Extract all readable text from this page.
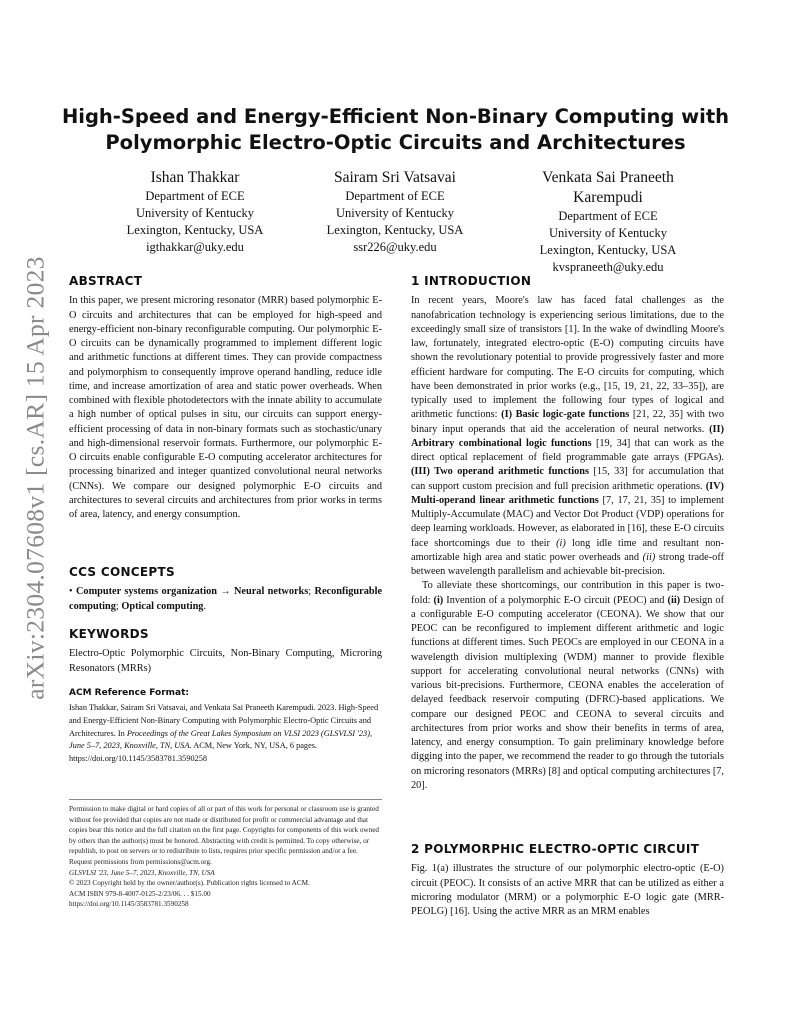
arXiv:2304.07608v1 [cs.AR] 15 Apr 2023
High-Speed and Energy-Efficient Non-Binary Computing with Polymorphic Electro-Optic Circuits and Architectures
Ishan Thakkar
Department of ECE
University of Kentucky
Lexington, Kentucky, USA
igthakkar@uky.edu
Sairam Sri Vatsavai
Department of ECE
University of Kentucky
Lexington, Kentucky, USA
ssr226@uky.edu
Venkata Sai Praneeth Karempudi
Department of ECE
University of Kentucky
Lexington, Kentucky, USA
kvspraneeth@uky.edu
ABSTRACT

In this paper, we present microring resonator (MRR) based polymorphic E-O circuits and architectures that can be employed for high-speed and energy-efficient non-binary reconfigurable computing. Our polymorphic E-O circuits can be dynamically programmed to implement different logic and arithmetic functions at different times. They can provide compactness and polymorphism to consequently improve operand handling, reduce idle time, and increase amortization of area and static power overheads. When combined with flexible photodetectors with the innate ability to accumulate a high number of optical pulses in situ, our circuits can support energy-efficient processing of data in non-binary formats such as stochastic/unary and high-dimensional reservoir formats. Furthermore, our polymorphic E-O circuits enable configurable E-O computing accelerator architectures for processing binarized and integer quantized convolutional neural networks (CNNs). We compare our designed polymorphic E-O circuits and architectures to several circuits and architectures from prior works in terms of area, latency, and energy consumption.

CCS CONCEPTS

• Computer systems organization → Neural networks; Reconfigurable computing; Optical computing.

KEYWORDS

Electro-Optic Polymorphic Circuits, Non-Binary Computing, Microring Resonators (MRRs)

ACM Reference Format:

Ishan Thakkar, Sairam Sri Vatsavai, and Venkata Sai Praneeth Karempudi. 2023. High-Speed and Energy-Efficient Non-Binary Computing with Polymorphic Electro-Optic Circuits and Architectures. In Proceedings of the Great Lakes Symposium on VLSI 2023 (GLSVLSI '23), June 5–7, 2023, Knoxville, TN, USA. ACM, New York, NY, USA, 6 pages. https://doi.org/10.1145/3583781.3590258

Permission to make digital or hard copies of all or part of this work for personal or classroom use is granted without fee provided that copies are not made or distributed for profit or commercial advantage and that copies bear this notice and the full citation on the first page. Copyrights for components of this work owned by others than the author(s) must be honored. Abstracting with credit is permitted. To copy otherwise, or republish, to post on servers or to redistribute to lists, requires prior specific permission and/or a fee. Request permissions from permissions@acm.org.

GLSVLSI '23, June 5–7, 2023, Knoxville, TN, USA

© 2023 Copyright held by the owner/author(s). Publication rights licensed to ACM.

ACM ISBN 979-8-4007-0125-2/23/06. . . $15.00

https://doi.org/10.1145/3583781.3590258

1 INTRODUCTION

In recent years, Moore's law has faced fatal challenges as the nanofabrication technology is experiencing serious limitations, due to the exceedingly small size of transistors [1]. In the wake of dwindling Moore's law, fortunately, integrated electro-optic (E-O) computing circuits have shown the revolutionary potential to provide progressively faster and more efficient hardware for computing. The E-O circuits for computing, which have been demonstrated in prior works (e.g., [15, 19, 21, 22, 33–35]), are typically used to implement the following four types of logical and arithmetic functions: (I) Basic logic-gate functions [21, 22, 35] with two binary input operands that aid the acceleration of neural networks. (II) Arbitrary combinational logic functions [19, 34] that can work as the direct optical replacement of field programmable gate arrays (FPGAs). (III) Two operand arithmetic functions [15, 33] for accumulation that can support custom precision and full precision arithmetic operations. (IV) Multi-operand linear arithmetic functions [7, 17, 21, 35] to implement Multiply-Accumulate (MAC) and Vector Dot Product (VDP) operations for deep learning workloads. However, as elaborated in [16], these E-O circuits face shortcomings due to their (i) long idle time and resultant non-amortizable high area and static power overheads and (ii) strong trade-off between wavelength parallelism and achievable bit-precision.

To alleviate these shortcomings, our contribution in this paper is two-fold: (i) Invention of a polymorphic E-O circuit (PEOC) and (ii) Design of a configurable E-O computing accelerator (CEONA). We show that our PEOC can be reconfigured to implement different arithmetic and logic functions at different times. Such PEOCs are employed in our CEONA in a wavelength division multiplexing (WDM) manner to provide flexible support for accelerating convolutional neural networks (CNNs) with various bit-precisions. Furthermore, CEONA enables the acceleration of delayed feedback reservoir computing (DFRC)-based applications. We compare our designed PEOC and CEONA to several circuits and architectures from prior works and show their benefits in terms of area, latency, and energy consumption. To gain preliminary knowledge before digging into the paper, we recommend the reader to go through the tutorials on microring resonators (MRRs) [8] and optical computing architectures [7, 20].

2 POLYMORPHIC ELECTRO-OPTIC CIRCUIT

Fig. 1(a) illustrates the structure of our polymorphic electro-optic (E-O) circuit (PEOC). It consists of an active MRR that can be utilized as either a microring modulator (MRM) or a polymorphic E-O logic gate (MRR-PEOLG) [16]. Using the active MRR as an MRM enables
